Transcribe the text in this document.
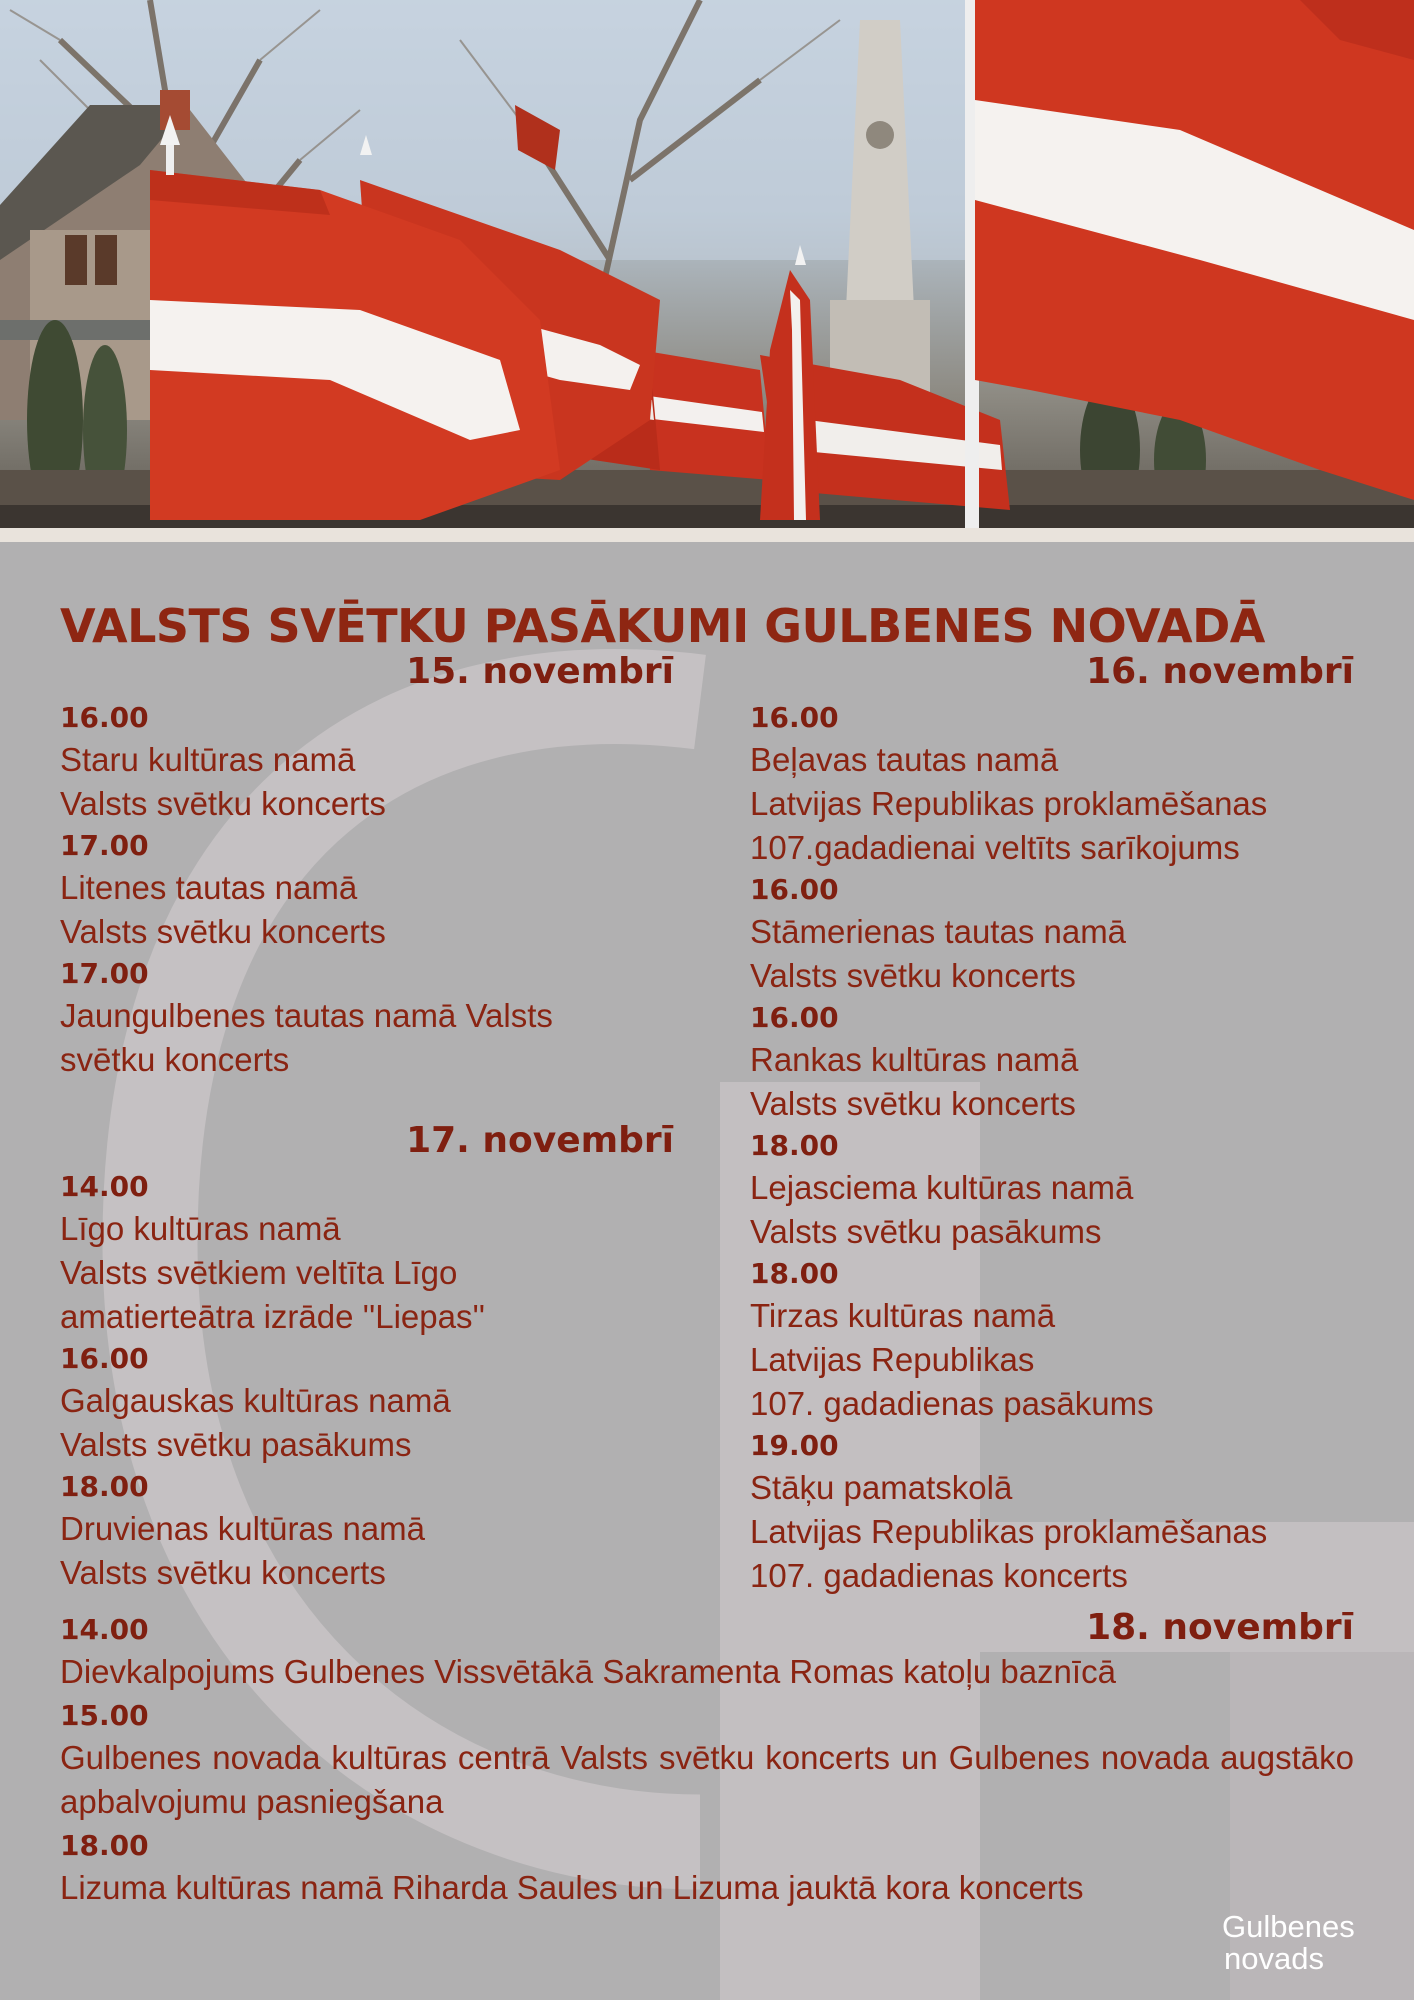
VALSTS SVĒTKU PASĀKUMI GULBENES NOVADĀ
15. novembrī
16.00
Staru kultūras namā
Valsts svētku koncerts
17.00
Litenes tautas namā
Valsts svētku koncerts
17.00
Jaungulbenes tautas namā Valsts
svētku koncerts
17. novembrī
14.00
Līgo kultūras namā
Valsts svētkiem veltīta Līgo
amatierteātra izrāde ''Liepas''
16.00
Galgauskas kultūras namā
Valsts svētku pasākums
18.00
Druvienas kultūras namā
Valsts svētku koncerts
16. novembrī
16.00
Beļavas tautas namā
Latvijas Republikas proklamēšanas
107.gadadienai veltīts sarīkojums
16.00
Stāmerienas tautas namā
Valsts svētku koncerts
16.00
Rankas kultūras namā
Valsts svētku koncerts
18.00
Lejasciema kultūras namā
Valsts svētku pasākums
18.00
Tirzas kultūras namā
Latvijas Republikas
107. gadadienas pasākums
19.00
Stāķu pamatskolā
Latvijas Republikas proklamēšanas
107. gadadienas koncerts
18. novembrī
14.00
Dievkalpojums Gulbenes Vissvētākā Sakramenta Romas katoļu baznīcā
15.00
Gulbenes novada kultūras centrā Valsts svētku koncerts un Gulbenes novada augstāko apbalvojumu pasniegšana
18.00
Lizuma kultūras namā Riharda Saules un Lizuma jauktā kora koncerts
Gulbenes
novads
